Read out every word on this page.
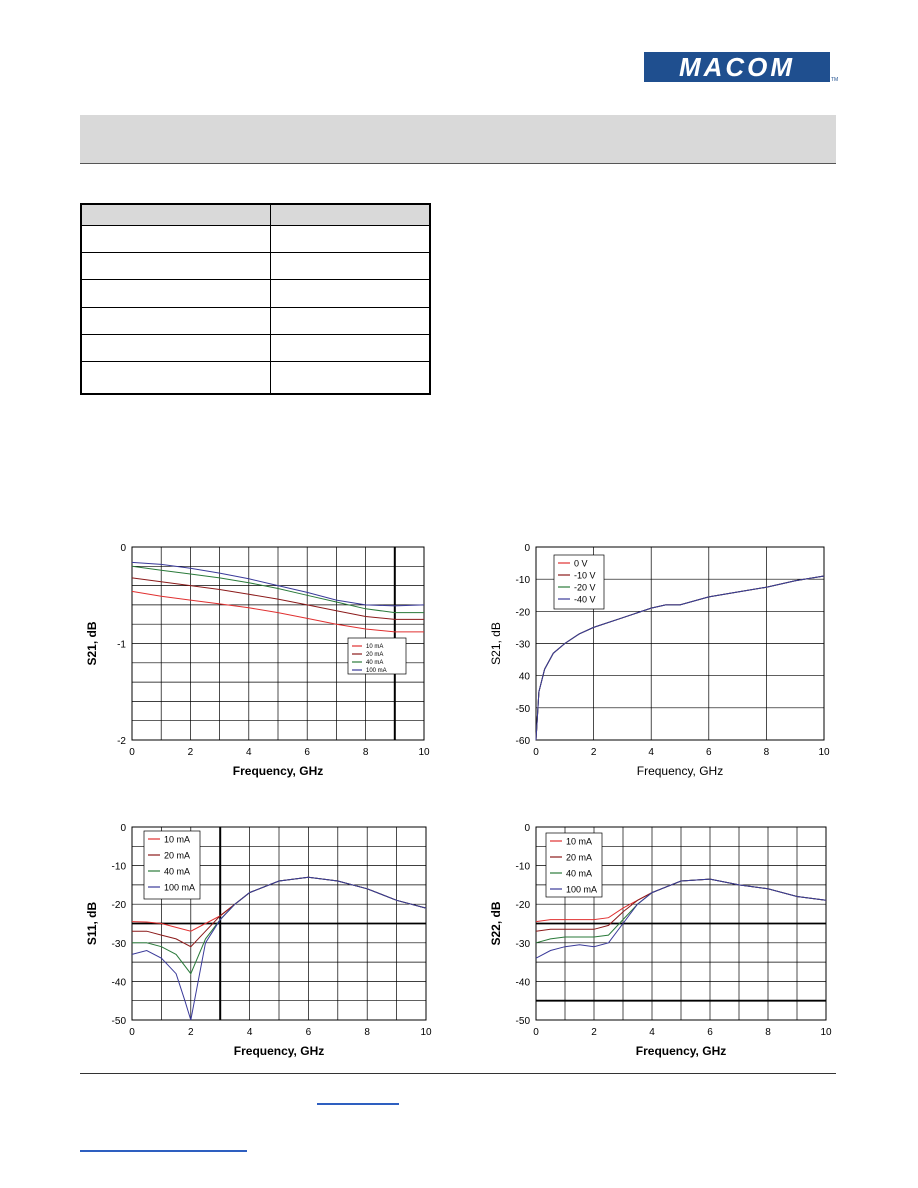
MACOM	TM

0	2	4	6	8	10
0
-1
-2
Frequency, GHz
S21, dB	10 mA
20 mA
40 mA
100 mA
0	2	4	6	8	10
0
-10
-20
-30
40
-50
-60
Frequency, GHz
S21, dB
0 V
-10 V
-20 V
-40 V
0	2	4	6	8	10
0
-10
-20
-30
-40
-50
Frequency, GHz
S11, dB
10 mA
20 mA
40 mA
100 mA
0	2	4	6	8	10
0
-10
-20
-30
-40
-50
Frequency, GHz
S22, dB
10 mA
20 mA
40 mA
100 mA
